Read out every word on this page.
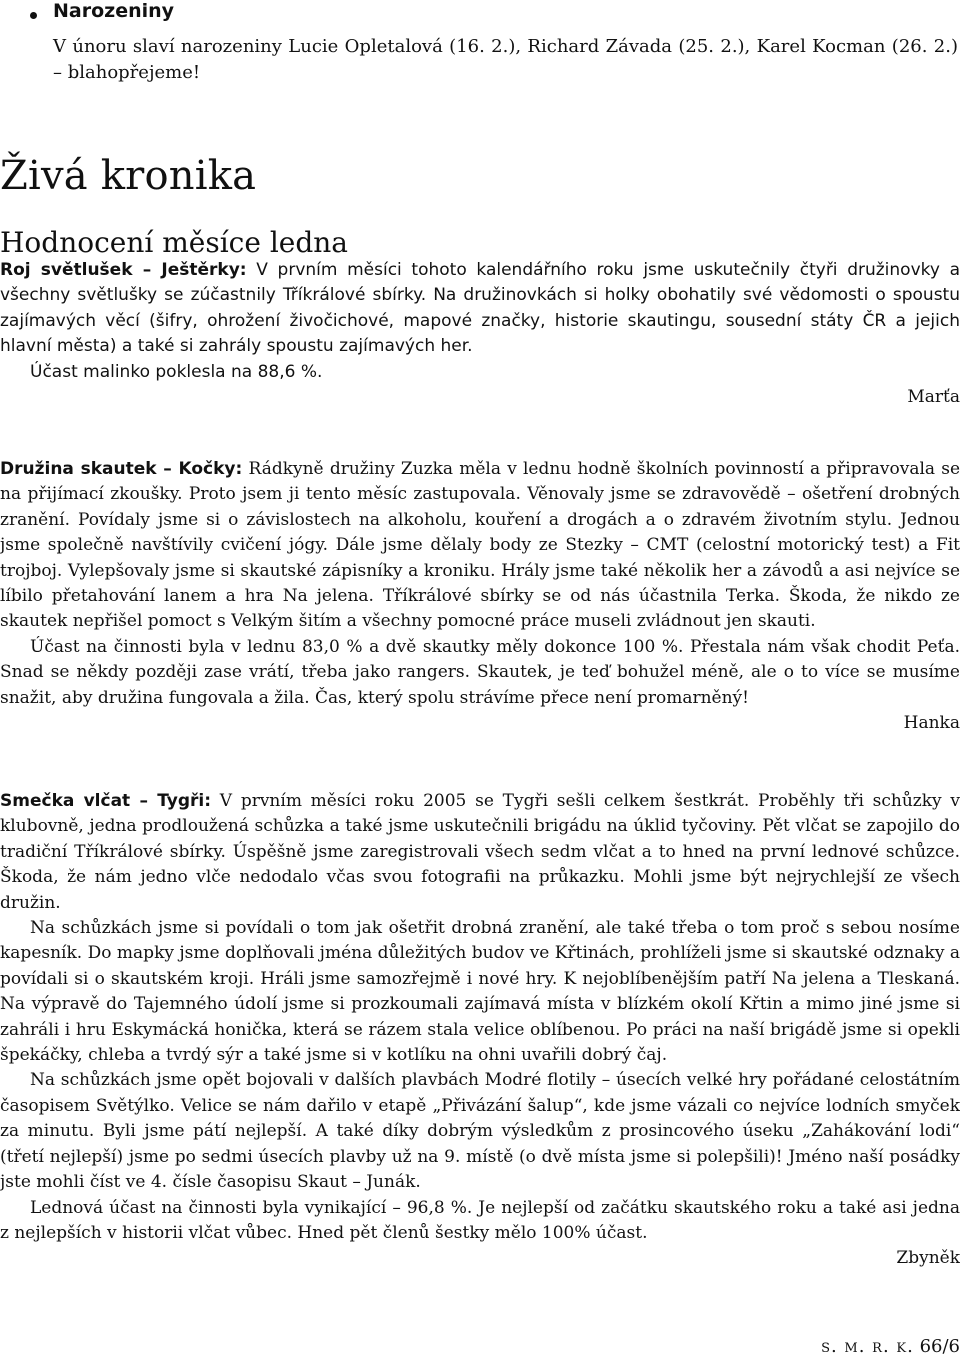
Narozeniny
V únoru slaví narozeniny Lucie Opletalová (16. 2.), Richard Závada (25. 2.), Karel Kocman (26. 2.) – blahopřejeme!
Živá kronika
Hodnocení měsíce ledna

Roj světlušek – Ještěrky: V prvním měsíci tohoto kalendářního roku jsme uskutečnily čtyři družinovky a všechny světlušky se zúčastnily Tříkrálové sbírky. Na družinovkách si holky obohatily své vědomosti o spoustu zajímavých věcí (šifry, ohrožení živočichové, mapové značky, historie skautingu, sousední státy ČR a jejich hlavní města) a také si zahrály spoustu zajímavých her.

Účast malinko poklesla na 88,6 %.

Marťa

Družina skautek – Kočky: Rádkyně družiny Zuzka měla v lednu hodně školních povinností a připravovala se na přijímací zkoušky. Proto jsem ji tento měsíc zastupovala. Věnovaly jsme se zdravovědě – ošetření drobných zranění. Povídaly jsme si o závislostech na alkoholu, kouření a drogách a o zdravém životním stylu. Jednou jsme společně navštívily cvičení jógy. Dále jsme dělaly body ze Stezky – CMT (celostní motorický test) a Fit trojboj. Vylepšovaly jsme si skautské zápisníky a kroniku. Hrály jsme také několik her a závodů a asi nejvíce se líbilo přetahování lanem a hra Na jelena. Tříkrálové sbírky se od nás účastnila Terka. Škoda, že nikdo ze skautek nepřišel pomoct s Velkým šitím a všechny pomocné práce museli zvládnout jen skauti.

Účast na činnosti byla v lednu 83,0 % a dvě skautky měly dokonce 100 %. Přestala nám však chodit Peťa. Snad se někdy později zase vrátí, třeba jako rangers. Skautek, je teď bohužel méně, ale o to více se musíme snažit, aby družina fungovala a žila. Čas, který spolu strávíme přece není promarněný!

Hanka

Smečka vlčat – Tygři: V prvním měsíci roku 2005 se Tygři sešli celkem šestkrát. Proběhly tři schůzky v klubovně, jedna prodloužená schůzka a také jsme uskutečnili brigádu na úklid tyčoviny. Pět vlčat se zapojilo do tradiční Tříkrálové sbírky. Úspěšně jsme zaregistrovali všech sedm vlčat a to hned na první lednové schůzce. Škoda, že nám jedno vlče nedodalo včas svou fotografii na průkazku. Mohli jsme být nejrychlejší ze všech družin.

Na schůzkách jsme si povídali o tom jak ošetřit drobná zranění, ale také třeba o tom proč s sebou nosíme kapesník. Do mapky jsme doplňovali jména důležitých budov ve Křtinách, prohlíželi jsme si skautské odznaky a povídali si o skautském kroji. Hráli jsme samozřejmě i nové hry. K nejoblíbenějším patří Na jelena a Tleskaná. Na výpravě do Tajemného údolí jsme si prozkoumali zajímavá místa v blízkém okolí Křtin a mimo jiné jsme si zahráli i hru Eskymácká honička, která se rázem stala velice oblíbenou. Po práci na naší brigádě jsme si opekli špekáčky, chleba a tvrdý sýr a také jsme si v kotlíku na ohni uvařili dobrý čaj.

Na schůzkách jsme opět bojovali v dalších plavbách Modré flotily – úsecích velké hry pořádané celostátním časopisem Světýlko. Velice se nám dařilo v etapě „Přivázání šalup“, kde jsme vázali co nejvíce lodních smyček za minutu. Byli jsme pátí nejlepší. A také díky dobrým výsledkům z prosincového úseku „Zahákování lodi“ (třetí nejlepší) jsme po sedmi úsecích plavby už na 9. místě (o dvě místa jsme si polepšili)! Jméno naší posádky jste mohli číst ve 4. čísle časopisu Skaut – Junák.

Lednová účast na činnosti byla vynikající – 96,8 %. Je nejlepší od začátku skautského roku a také asi jedna z nejlepších v historii vlčat vůbec. Hned pět členů šestky mělo 100% účast.

Zbyněk

s. m. r. k. 66/6
